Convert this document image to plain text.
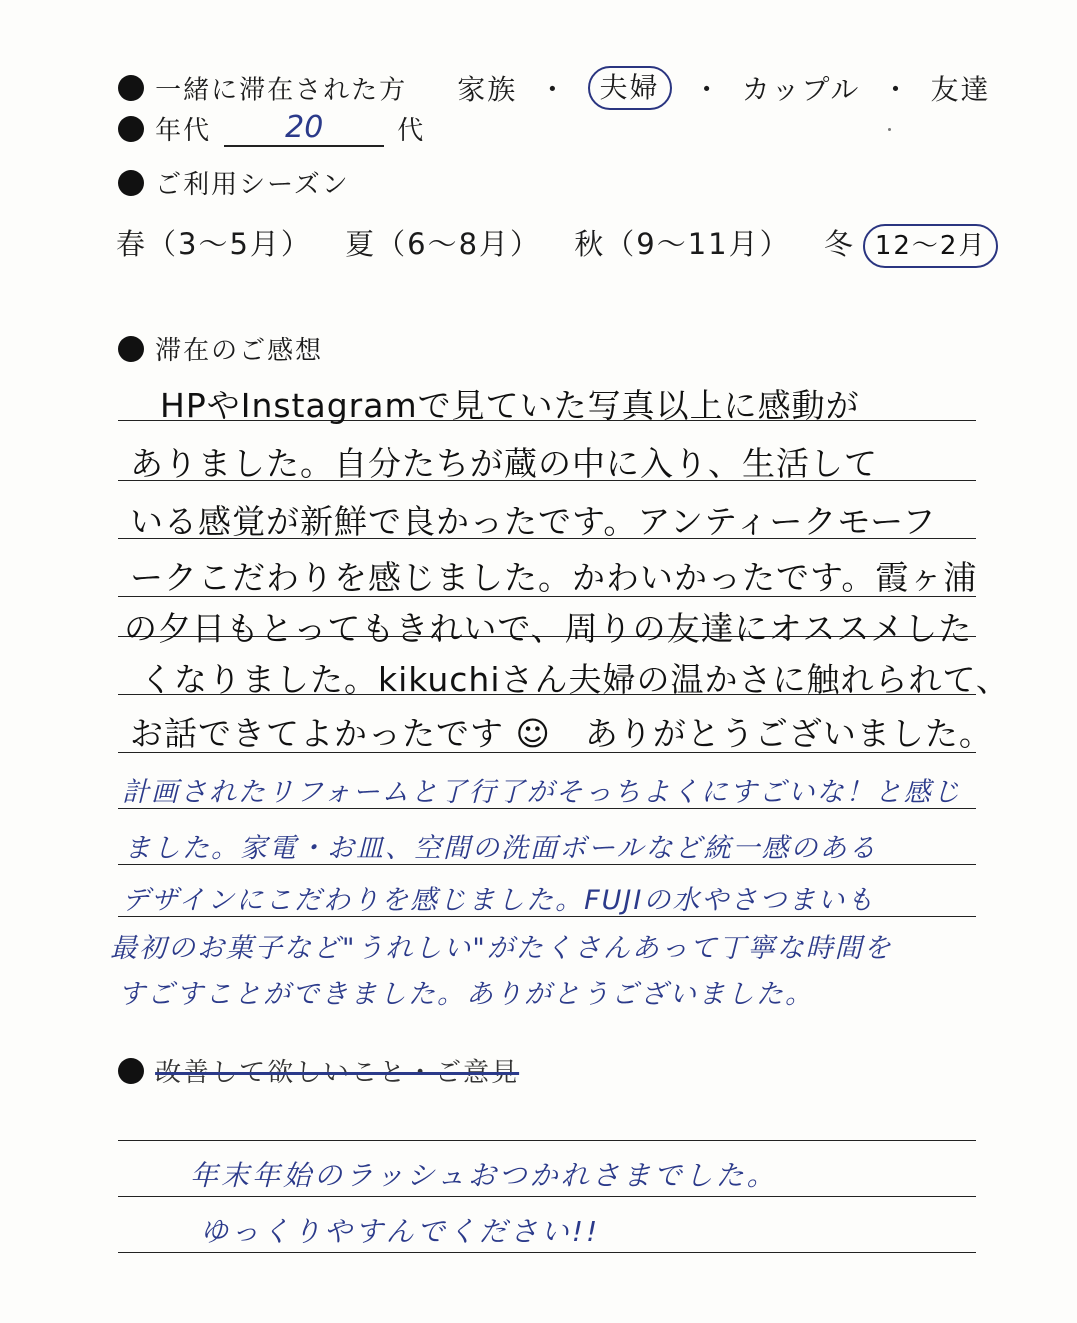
一緒に滞在された方 家族 ・ 夫婦 ・ カップル ・ 友達
年代 20	代
ご利用シーズン
春（3～5月） 夏（6～8月） 秋（9～11月） 冬 12～2月
滞在のご感想
HPやInstagramで見ていた写真以上に感動が
ありました。自分たちが蔵の中に入り、生活して
いる感覚が新鮮で良かったです。アンティークモーフ
ークこだわりを感じました。かわいかったです。霞ヶ浦
の夕日もとってもきれいで、周りの友達にオススメした
くなりました。kikuchiさん夫婦の温かさに触れられて、
お話できてよかったです ☺　ありがとうございました。
計画されたリフォームと了行了がそっちよくにすごいな！と感じ
ました。家電・お皿、空間の洗面ボールなど統一感のある
デザインにこだわりを感じました。FUJIの水やさつまいも
最初のお菓子など"うれしい"がたくさんあって丁寧な時間を
すごすことができました。ありがとうございました。
改善して欲しいこと・ご意見
年末年始のラッシュおつかれさまでした。
ゆっくりやすんでください!!
